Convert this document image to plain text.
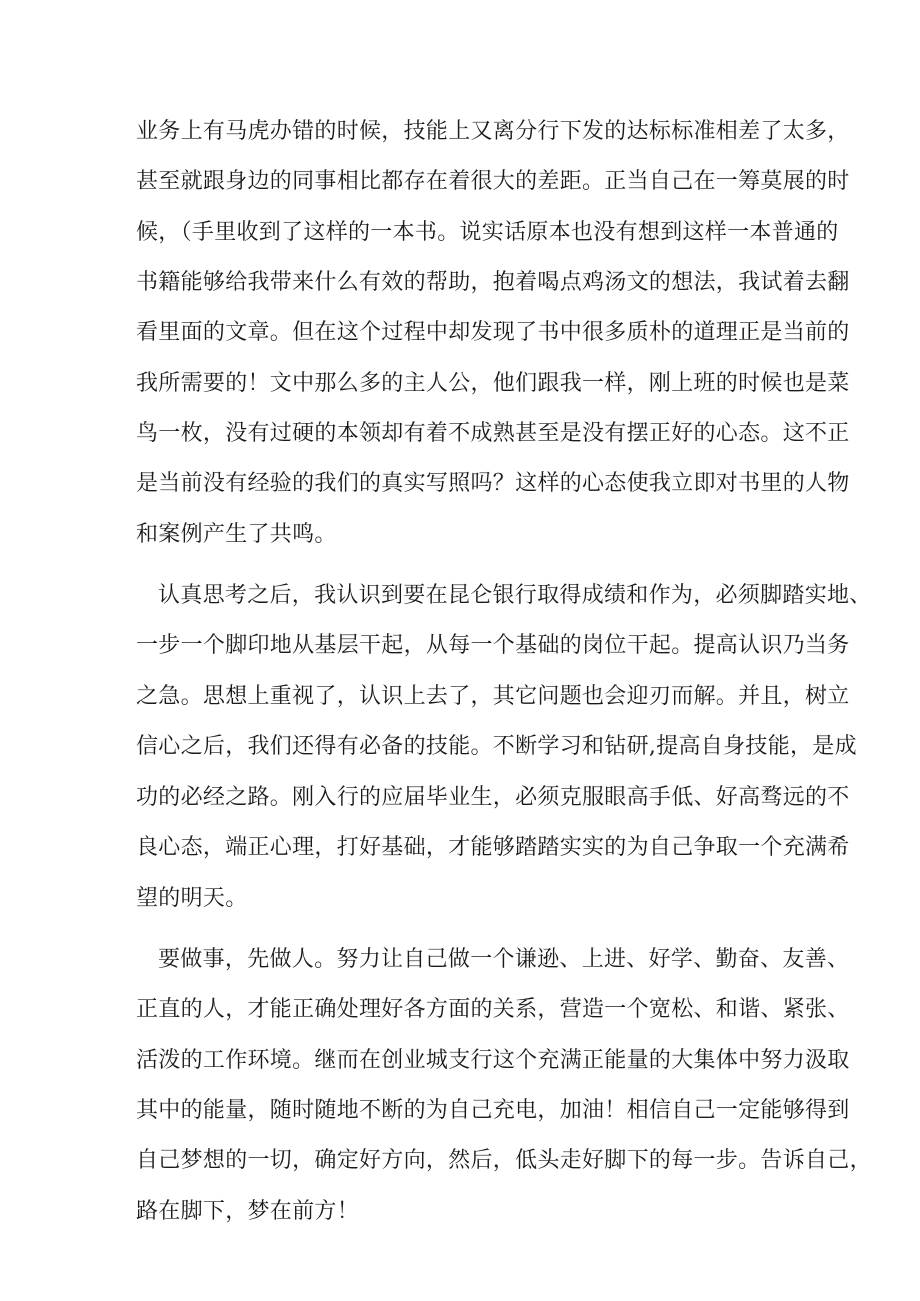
业务上有马虎办错的时候，技能上又离分行下发的达标标准相差了太多，
甚至就跟身边的同事相比都存在着很大的差距。正当自己在一筹莫展的时
候，（手里收到了这样的一本书。说实话原本也没有想到这样一本普通的
书籍能够给我带来什么有效的帮助，抱着喝点鸡汤文的想法，我试着去翻
看里面的文章。但在这个过程中却发现了书中很多质朴的道理正是当前的
我所需要的！文中那么多的主人公，他们跟我一样，刚上班的时候也是菜
鸟一枚，没有过硬的本领却有着不成熟甚至是没有摆正好的心态。这不正
是当前没有经验的我们的真实写照吗？这样的心态使我立即对书里的人物
和案例产生了共鸣。
认真思考之后，我认识到要在昆仑银行取得成绩和作为，必须脚踏实地、
一步一个脚印地从基层干起，从每一个基础的岗位干起。提高认识乃当务
之急。思想上重视了，认识上去了，其它问题也会迎刃而解。并且，树立
信心之后，我们还得有必备的技能。不断学习和钻研,提高自身技能，是成
功的必经之路。刚入行的应届毕业生，必须克服眼高手低、好高骛远的不
良心态，端正心理，打好基础，才能够踏踏实实的为自己争取一个充满希
望的明天。
要做事，先做人。努力让自己做一个谦逊、上进、好学、勤奋、友善、
正直的人，才能正确处理好各方面的关系，营造一个宽松、和谐、紧张、
活泼的工作环境。继而在创业城支行这个充满正能量的大集体中努力汲取
其中的能量，随时随地不断的为自己充电，加油！相信自己一定能够得到
自己梦想的一切，确定好方向，然后，低头走好脚下的每一步。告诉自己，
路在脚下，梦在前方！
